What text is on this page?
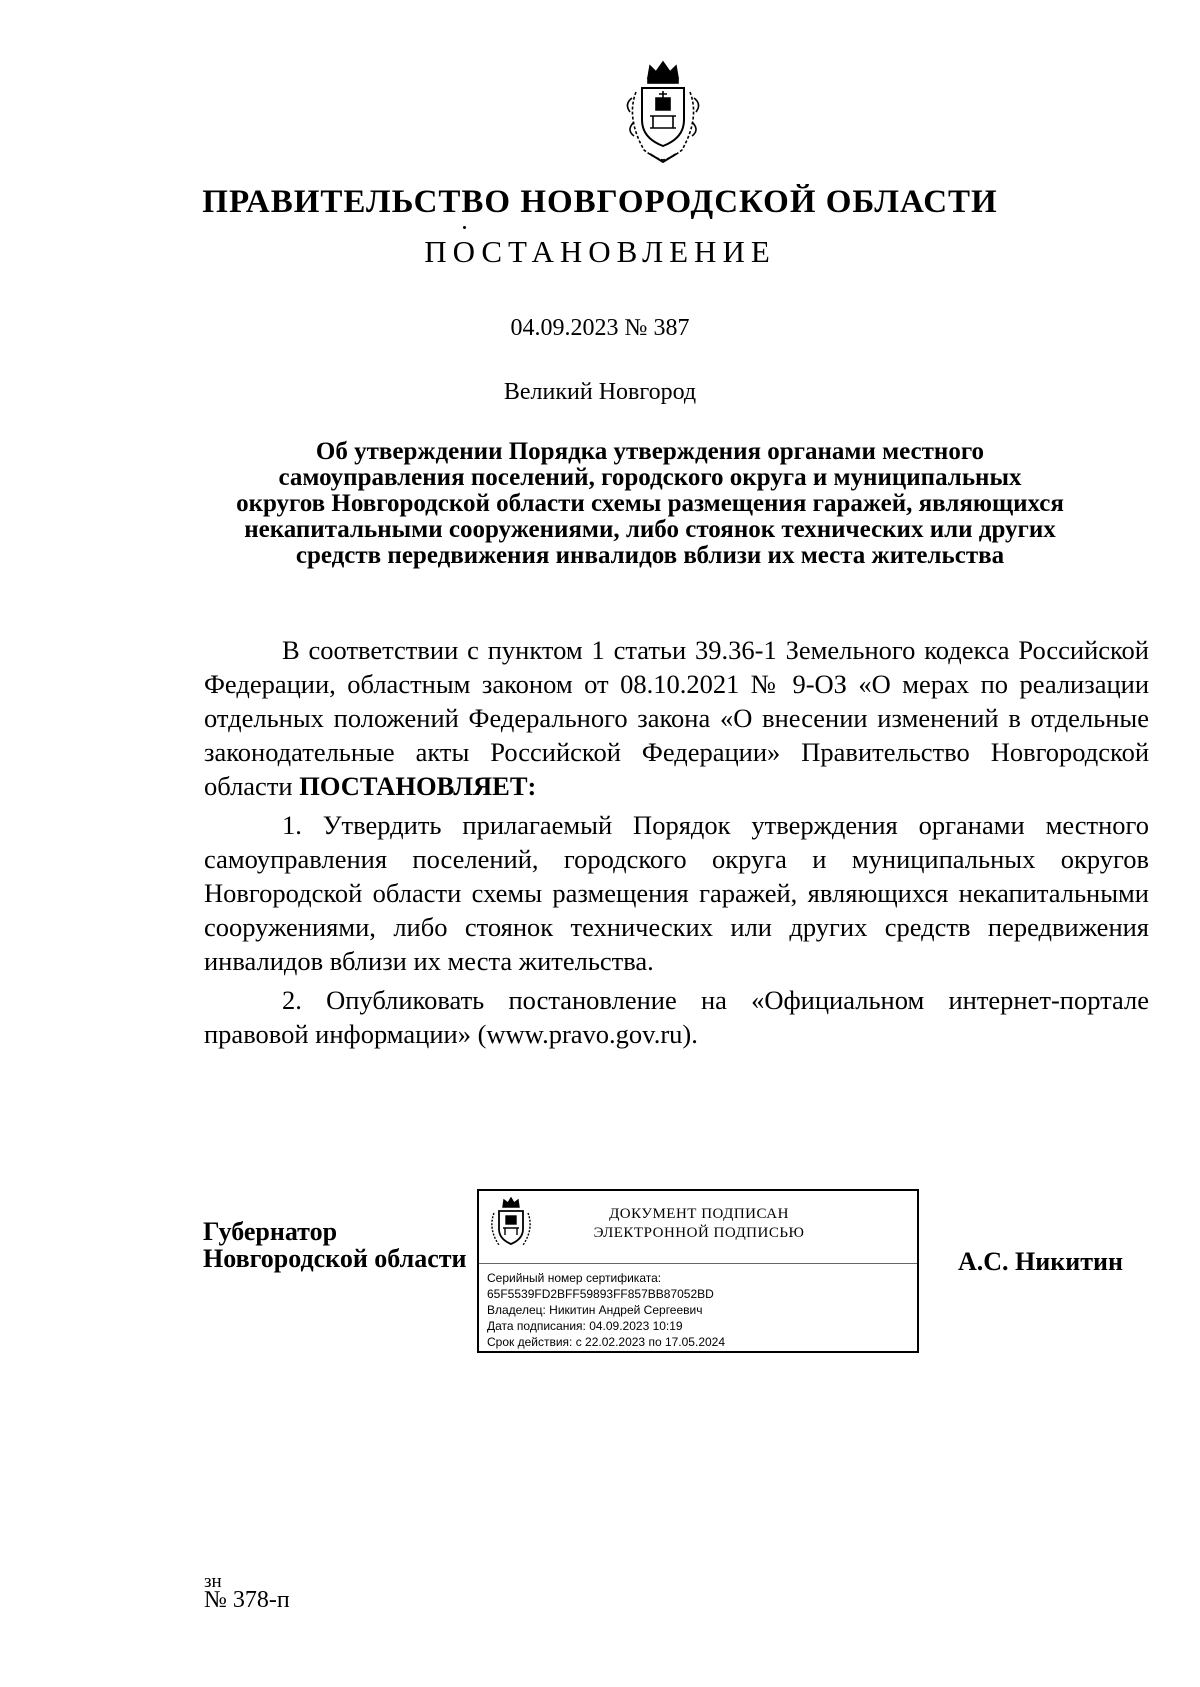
ПРАВИТЕЛЬСТВО НОВГОРОДСКОЙ ОБЛАСТИ
ПОСТАНОВЛЕНИЕ
04.09.2023 № 387
Великий Новгород
Об утверждении Порядка утверждения органами местного
самоуправления поселений, городского округа и муниципальных
округов Новгородской области схемы размещения гаражей, являющихся
некапитальными сооружениями, либо стоянок технических или других
средств передвижения инвалидов вблизи их места жительства

В соответствии с пунктом 1 статьи 39.36-1 Земельного кодекса Российской Федерации, областным законом от 08.10.2021 № 9-ОЗ «О мерах по реализации отдельных положений Федерального закона «О внесении изменений в отдельные законодательные акты Российской Федерации» Правительство Новгородской области ПОСТАНОВЛЯЕТ:

1. Утвердить прилагаемый Порядок утверждения органами местного самоуправления поселений, городского округа и муниципальных округов Новгородской области схемы размещения гаражей, являющихся некапитальными сооружениями, либо стоянок технических или других средств передвижения инвалидов вблизи их места жительства.

2. Опубликовать постановление на «Официальном интернет-портале правовой информации» (www.pravo.gov.ru).

Губернатор
Новгородской области
ДОКУМЕНТ ПОДПИСАН
ЭЛЕКТРОННОЙ ПОДПИСЬЮ
Серийный номер сертификата:
65F5539FD2BFF59893FF857BB87052BD
Владелец: Никитин Андрей Сергеевич
Дата подписания: 04.09.2023 10:19
Срок действия: с 22.02.2023 по 17.05.2024
А.С. Никитин
зн
№ 378-п
